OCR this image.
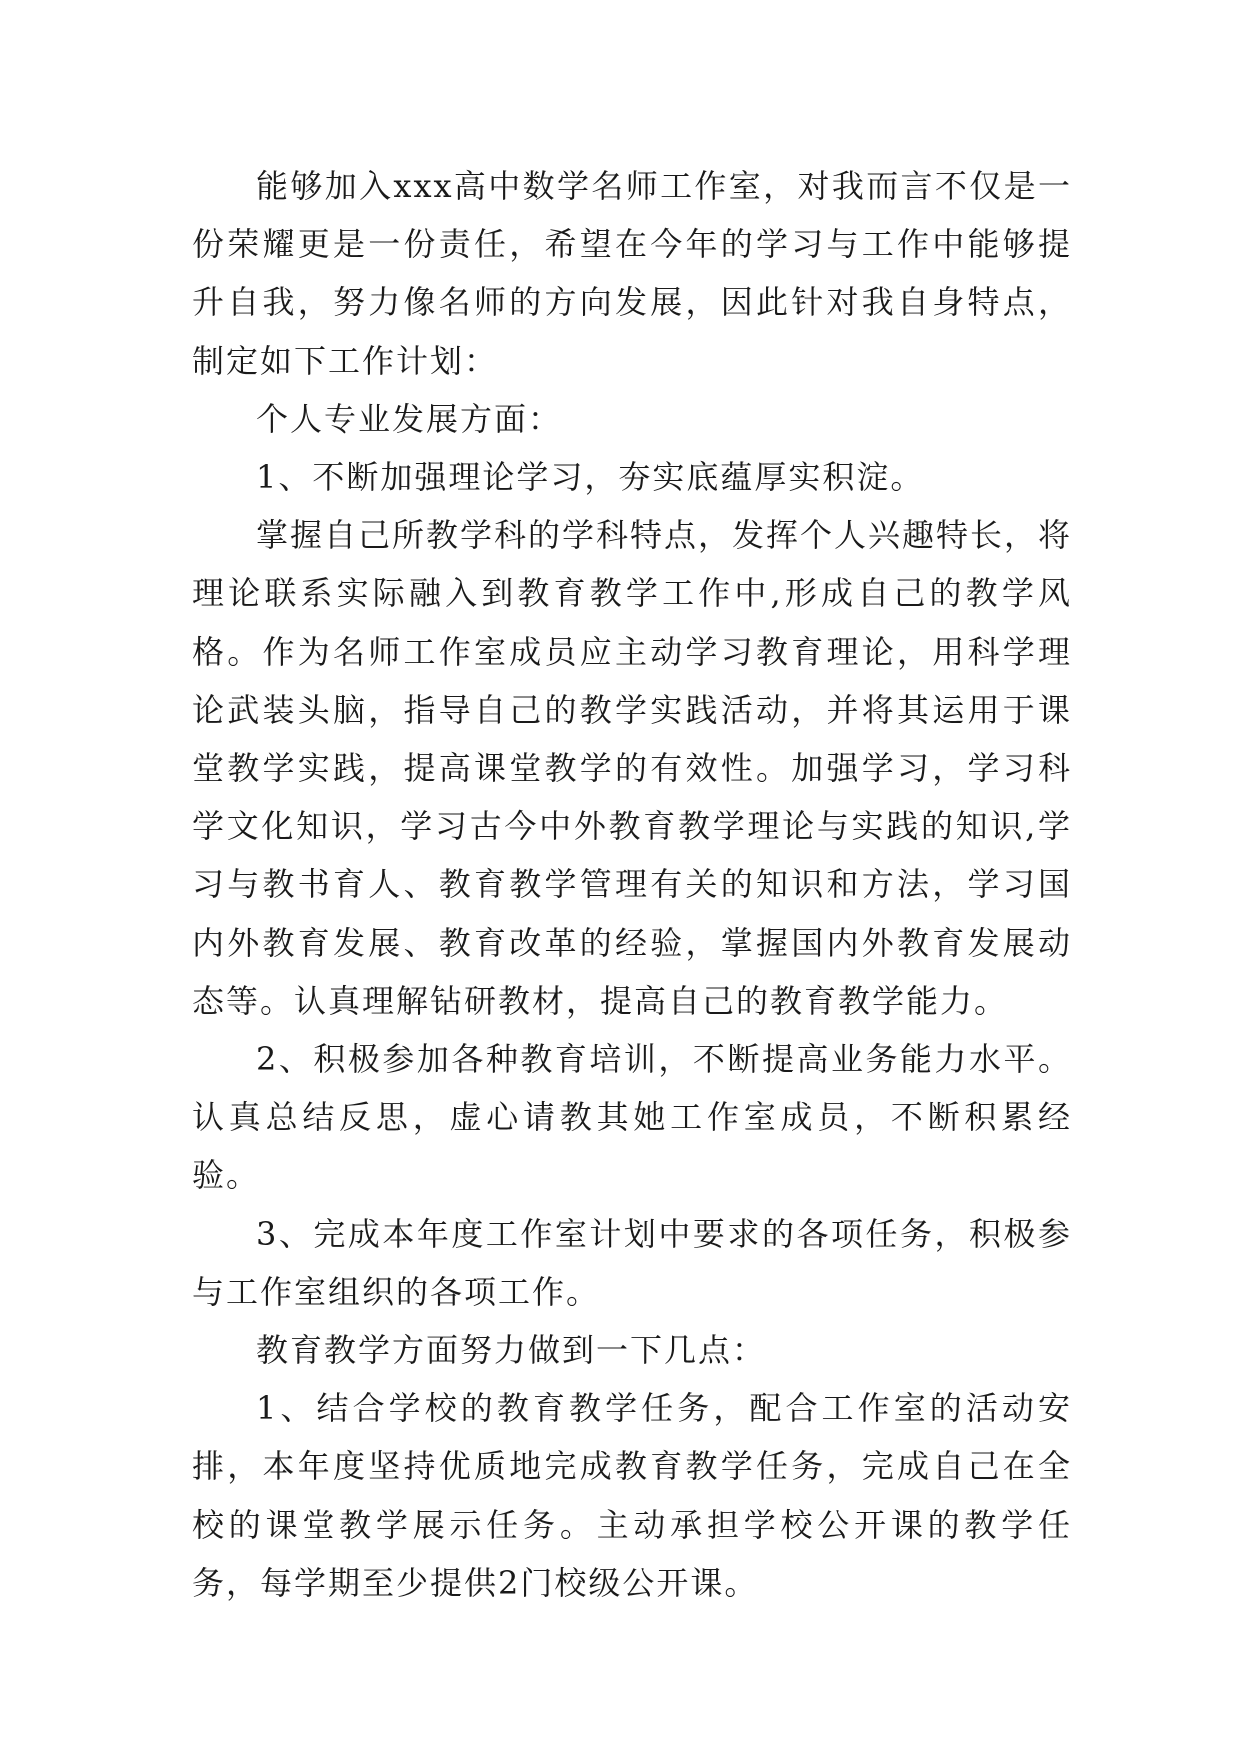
能够加入xxx高中数学名师工作室，对我而言不仅是一份荣耀更是一份责任，希望在今年的学习与工作中能够提升自我，努力像名师的方向发展，因此针对我自身特点，制定如下工作计划：

个人专业发展方面：

1、不断加强理论学习，夯实底蕴厚实积淀。

掌握自己所教学科的学科特点，发挥个人兴趣特长，将理论联系实际融入到教育教学工作中,形成自己的教学风格。作为名师工作室成员应主动学习教育理论，用科学理论武装头脑，指导自己的教学实践活动，并将其运用于课堂教学实践，提高课堂教学的有效性。加强学习，学习科学文化知识，学习古今中外教育教学理论与实践的知识,学习与教书育人、教育教学管理有关的知识和方法，学习国内外教育发展、教育改革的经验，掌握国内外教育发展动态等。认真理解钻研教材，提高自己的教育教学能力。

2、积极参加各种教育培训，不断提高业务能力水平。认真总结反思，虚心请教其她工作室成员，不断积累经验。

3、完成本年度工作室计划中要求的各项任务，积极参与工作室组织的各项工作。

教育教学方面努力做到一下几点：

1、结合学校的教育教学任务，配合工作室的活动安排，本年度坚持优质地完成教育教学任务，完成自己在全校的课堂教学展示任务。主动承担学校公开课的教学任务，每学期至少提供2门校级公开课。
